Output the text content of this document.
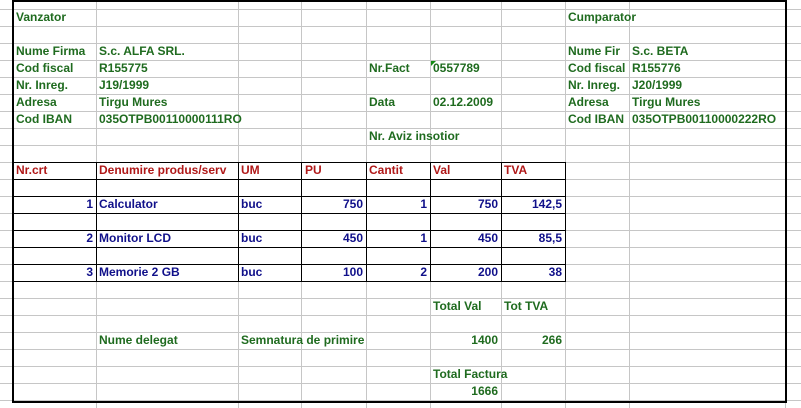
Vanzator
Nume Firma	S.c. ALFA SRL.
Cod fiscal	R155775
Nr. Inreg.	J19/1999
Adresa	Tirgu Mures
Cod IBAN	035OTPB00110000111RO
Nr.Fact	0557789
Data	02.12.2009
Nr. Aviz insotior
Cumparator
Nume Fir S.c. BETA
Cod fiscal R155776
Nr. Inreg. J20/1999
Adresa	Tirgu Mures
Cod IBAN 035OTPB00110000222RO
Nr.crt	Denumire produs/serv	UM	PU	Cantit	Val	TVA
1 Calculator	buc	750	1	750	142,5
2 Monitor LCD	buc	450	1	450	85,5
3 Memorie 2 GB	buc	100	2	200	38
Total Val	Tot TVA
1400	266
Total Factura
1666
Nume delegat	Semnatura de primire
